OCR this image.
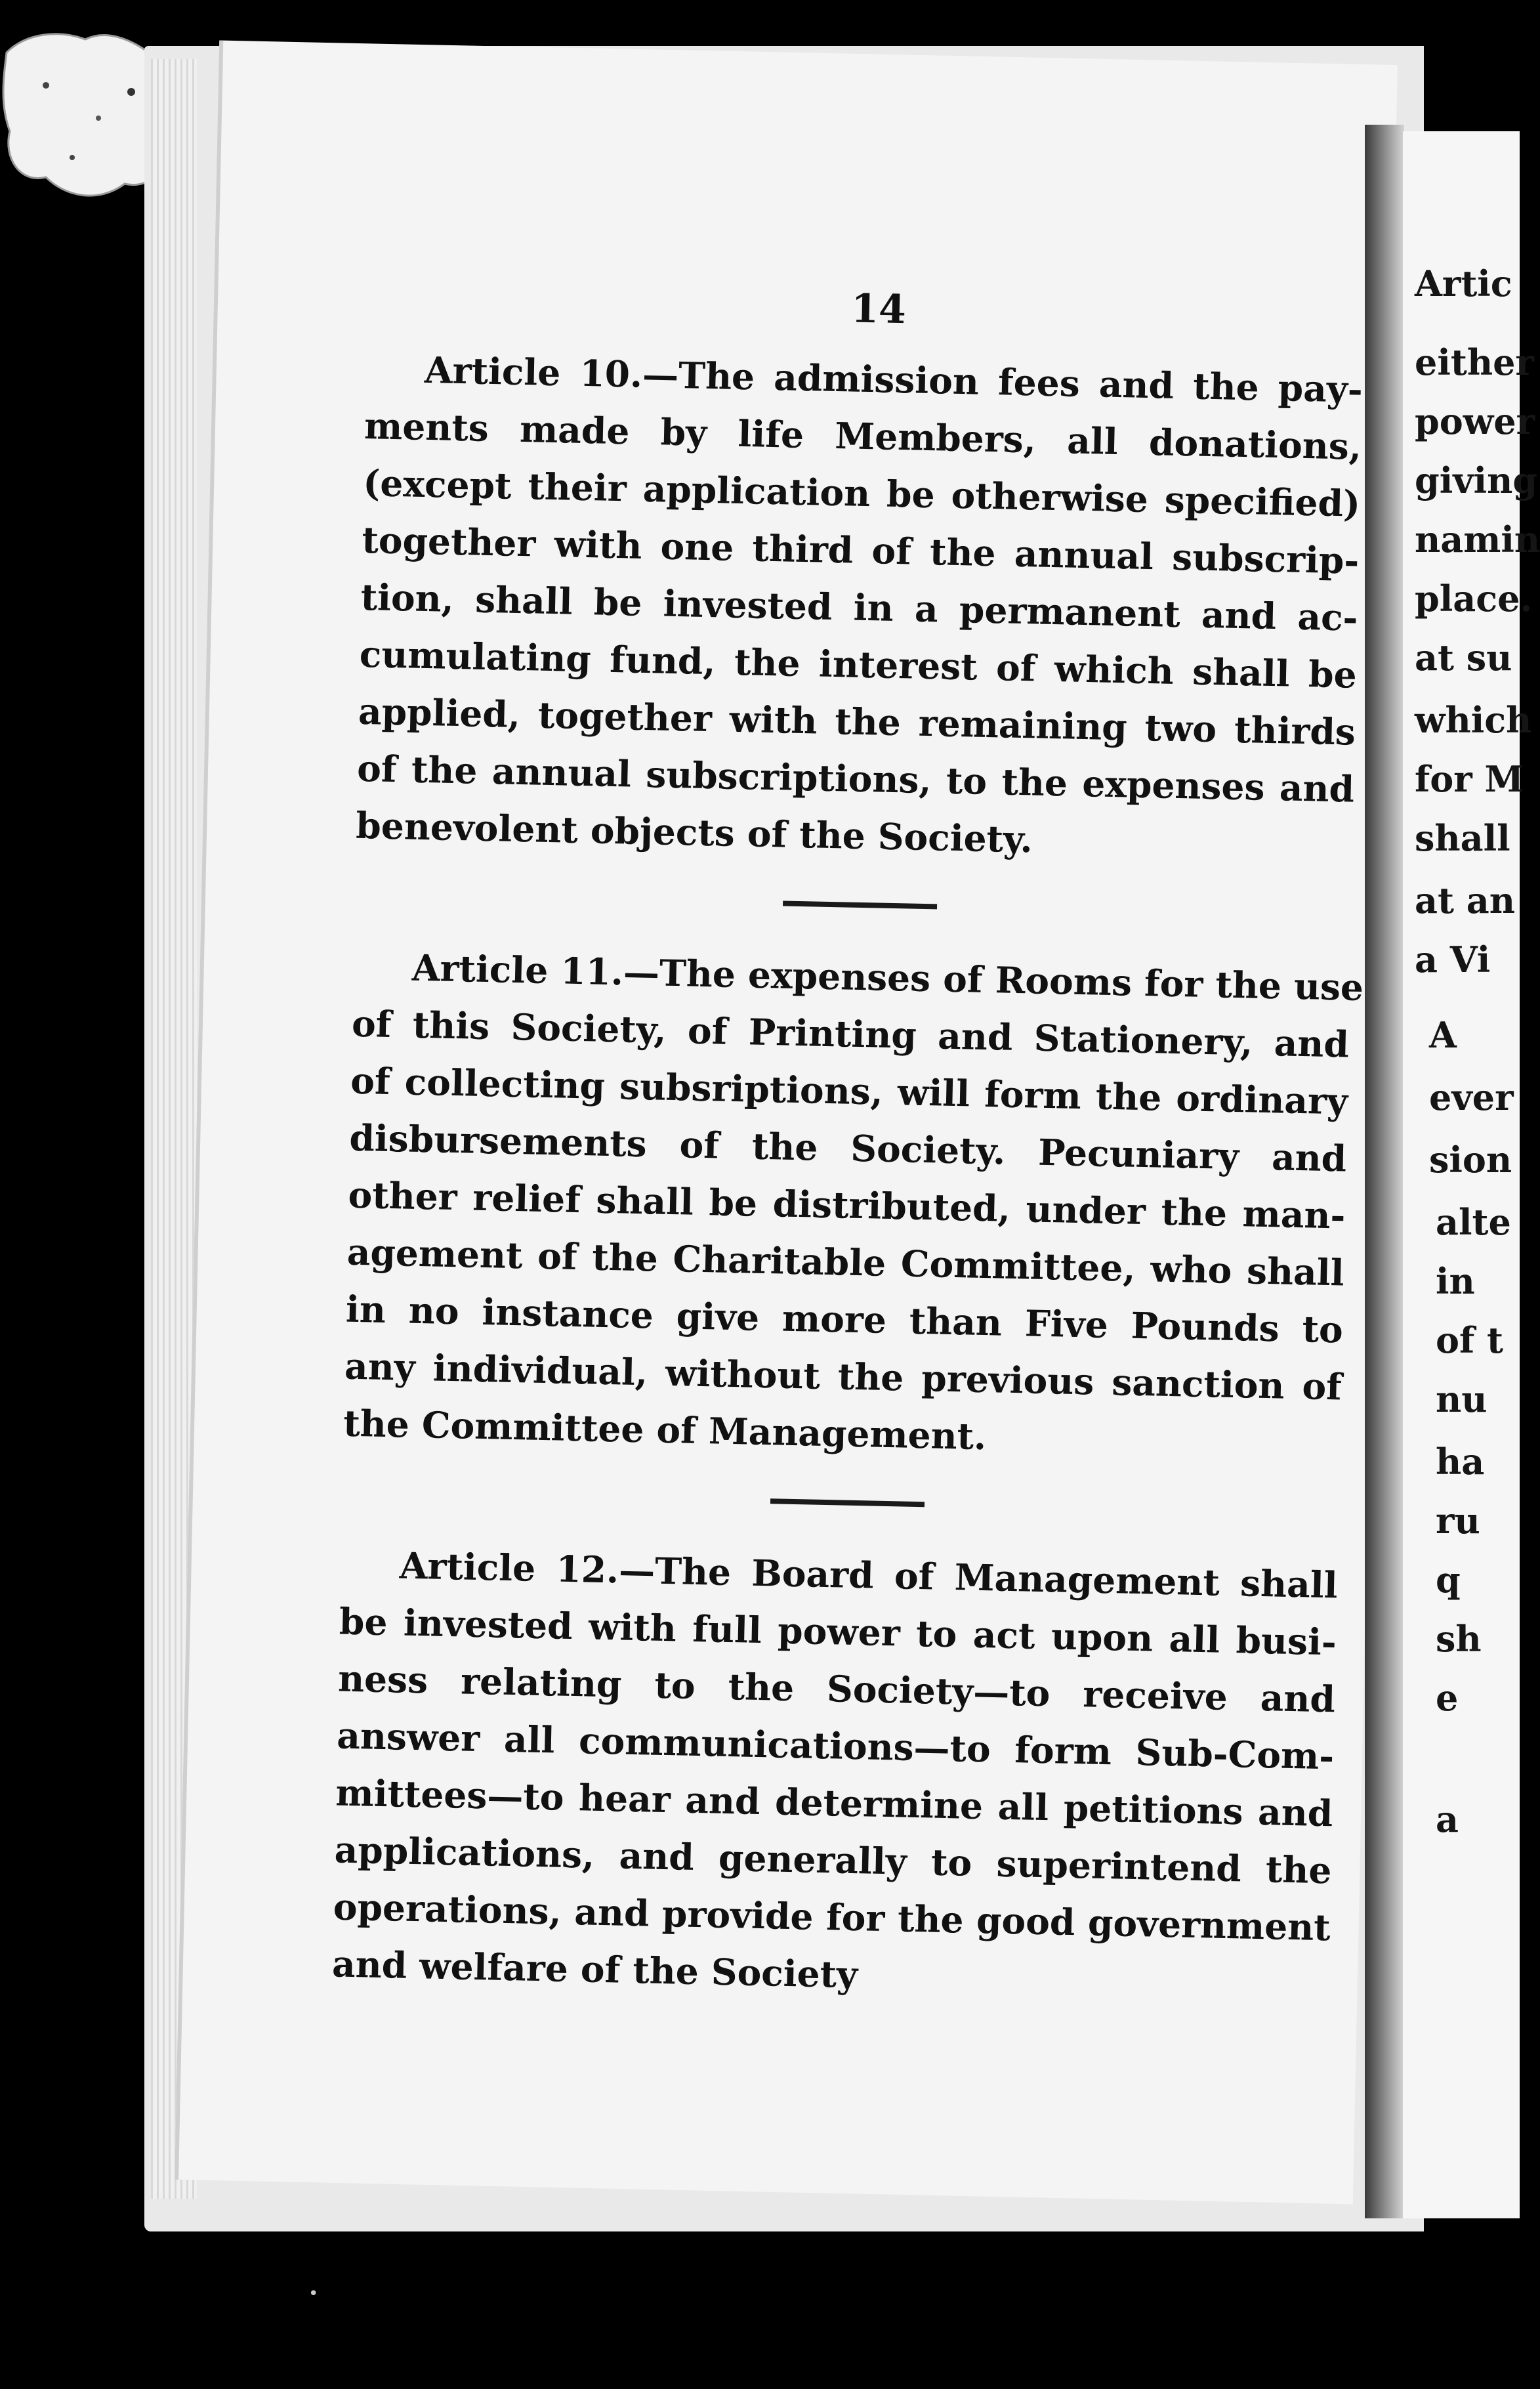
Artic
either
power
giving
namin
place.
at su
which
for M
shall
at an
a Vi
A
ever
sion
alte
in
of t
nu
ha
ru
q
sh
e
a
14
Article 10.—The admission fees and the pay-
ments made by life Members, all donations,
(except their application be otherwise specified)
together with one third of the annual subscrip-
tion, shall be invested in a permanent and ac-
cumulating fund, the interest of which shall be
applied, together with the remaining two thirds
of the annual subscriptions, to the expenses and
benevolent objects of the Society.
Article 11.—The expenses of Rooms for the use
of this Society, of Printing and Stationery, and
of collecting subsriptions, will form the ordinary
disbursements of the Society. Pecuniary and
other relief shall be distributed, under the man-
agement of the Charitable Committee, who shall
in no instance give more than Five Pounds to
any individual, without the previous sanction of
the Committee of Management.
Article 12.—The Board of Management shall
be invested with full power to act upon all busi-
ness relating to the Society—to receive and
answer all communications—to form Sub-Com-
mittees—to hear and determine all petitions and
applications, and generally to superintend the
operations, and provide for the good government
and welfare of the Society
•
